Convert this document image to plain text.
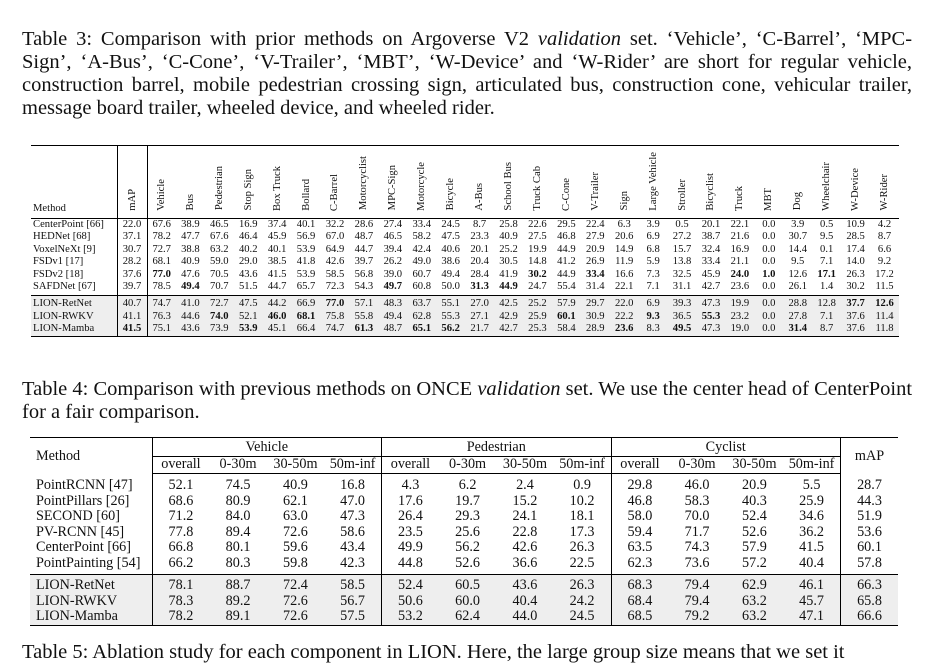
Table 3: Comparison with prior methods on Argoverse V2 validation set. ‘Vehicle’, ‘C-Barrel’, ‘MPC-Sign’, ‘A-Bus’, ‘C-Cone’, ‘V-Trailer’, ‘MBT’, ‘W-Device’ and ‘W-Rider’ are short for regular vehicle, construction barrel, mobile pedestrian crossing sign, articulated bus, construction cone, vehicular trailer, message board trailer, wheeled device, and wheeled rider.
Method	mAP	Vehicle	Bus	Pedestrian	Stop Sign	Box Truck	Bollard	C-Barrel	Motorcyclist	MPC-Sign	Motorcycle	Bicycle	A-Bus	School Bus	Truck Cab	C-Cone	V-Trailer	Sign	Large Vehicle	Stroller	Bicyclist	Truck	MBT	Dog	Wheelchair	W-Device	W-Rider
CenterPoint [66]	22.0	67.6	38.9	46.5	16.9	37.4	40.1	32.2	28.6	27.4	33.4	24.5	8.7	25.8	22.6	29.5	22.4	6.3	3.9	0.5	20.1	22.1	0.0	3.9	0.5	10.9	4.2
HEDNet [68]	37.1	78.2	47.7	67.6	46.4	45.9	56.9	67.0	48.7	46.5	58.2	47.5	23.3	40.9	27.5	46.8	27.9	20.6	6.9	27.2	38.7	21.6	0.0	30.7	9.5	28.5	8.7
VoxelNeXt [9]	30.7	72.7	38.8	63.2	40.2	40.1	53.9	64.9	44.7	39.4	42.4	40.6	20.1	25.2	19.9	44.9	20.9	14.9	6.8	15.7	32.4	16.9	0.0	14.4	0.1	17.4	6.6
FSDv1 [17]	28.2	68.1	40.9	59.0	29.0	38.5	41.8	42.6	39.7	26.2	49.0	38.6	20.4	30.5	14.8	41.2	26.9	11.9	5.9	13.8	33.4	21.1	0.0	9.5	7.1	14.0	9.2
FSDv2 [18]	37.6	77.0	47.6	70.5	43.6	41.5	53.9	58.5	56.8	39.0	60.7	49.4	28.4	41.9	30.2	44.9	33.4	16.6	7.3	32.5	45.9	24.0	1.0	12.6	17.1	26.3	17.2
SAFDNet [67]	39.7	78.5	49.4	70.7	51.5	44.7	65.7	72.3	54.3	49.7	60.8	50.0	31.3	44.9	24.7	55.4	31.4	22.1	7.1	31.1	42.7	23.6	0.0	26.1	1.4	30.2	11.5
LION-RetNet	40.7	74.7	41.0	72.7	47.5	44.2	66.9	77.0	57.1	48.3	63.7	55.1	27.0	42.5	25.2	57.9	29.7	22.0	6.9	39.3	47.3	19.9	0.0	28.8	12.8	37.7	12.6
LION-RWKV	41.1	76.3	44.6	74.0	52.1	46.0	68.1	75.8	55.8	49.4	62.8	55.3	27.1	42.9	25.9	60.1	30.9	22.2	9.3	36.5	55.3	23.2	0.0	27.8	7.1	37.6	11.4
LION-Mamba	41.5	75.1	43.6	73.9	53.9	45.1	66.4	74.7	61.3	48.7	65.1	56.2	21.7	42.7	25.3	58.4	28.9	23.6	8.3	49.5	47.3	19.0	0.0	31.4	8.7	37.6	11.8
Table 4: Comparison with previous methods on ONCE validation set. We use the center head of CenterPoint for a fair comparison.
Method	Vehicle				Pedestrian				Cyclist				mAP
	overall	0-30m	30-50m	50m-inf	overall	0-30m	30-50m	50m-inf	overall	0-30m	30-50m	50m-inf	
PointRCNN [47]	52.1	74.5	40.9	16.8	4.3	6.2	2.4	0.9	29.8	46.0	20.9	5.5	28.7
PointPillars [26]	68.6	80.9	62.1	47.0	17.6	19.7	15.2	10.2	46.8	58.3	40.3	25.9	44.3
SECOND [60]	71.2	84.0	63.0	47.3	26.4	29.3	24.1	18.1	58.0	70.0	52.4	34.6	51.9
PV-RCNN [45]	77.8	89.4	72.6	58.6	23.5	25.6	22.8	17.3	59.4	71.7	52.6	36.2	53.6
CenterPoint [66]	66.8	80.1	59.6	43.4	49.9	56.2	42.6	26.3	63.5	74.3	57.9	41.5	60.1
PointPainting [54]	66.2	80.3	59.8	42.3	44.8	52.6	36.6	22.5	62.3	73.6	57.2	40.4	57.8
LION-RetNet	78.1	88.7	72.4	58.5	52.4	60.5	43.6	26.3	68.3	79.4	62.9	46.1	66.3
LION-RWKV	78.3	89.2	72.6	56.7	50.6	60.0	40.4	24.2	68.4	79.4	63.2	45.7	65.8
LION-Mamba	78.2	89.1	72.6	57.5	53.2	62.4	44.0	24.5	68.5	79.2	63.2	47.1	66.6
Table 5: Ablation study for each component in LION. Here, the large group size means that we set it
